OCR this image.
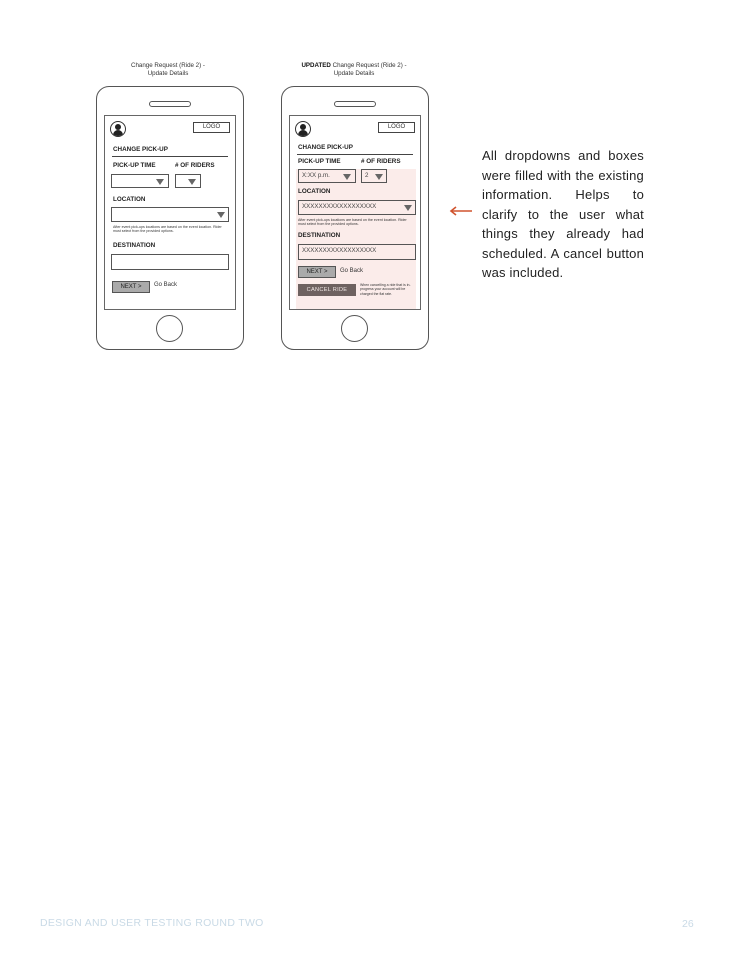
Change Request (Ride 2) -
Update Details
UPDATED Change Request (Ride 2) -
Update Details
LOGO
CHANGE PICK-UP
PICK-UP TIME	# OF RIDERS
LOCATION
After event pick-ups locations are based on the event location. Rider must select from the provided options.
DESTINATION
NEXT >	Go Back
LOGO
CHANGE PICK-UP
PICK-UP TIME	# OF RIDERS
X:XX p.m.	2
LOCATION
XXXXXXXXXXXXXXXXXX
After event pick-ups locations are based on the event location. Rider must select from the provided options.
DESTINATION
XXXXXXXXXXXXXXXXXX
NEXT >	Go Back
CANCEL RIDE
When cancelling a ride that is in-progress your account will be charged the flat rate.
All dropdowns and boxes were filled with the existing information. Helps to clarify to the user what things they already had scheduled. A cancel button was included.
DESIGN AND USER TESTING ROUND TWO	26
